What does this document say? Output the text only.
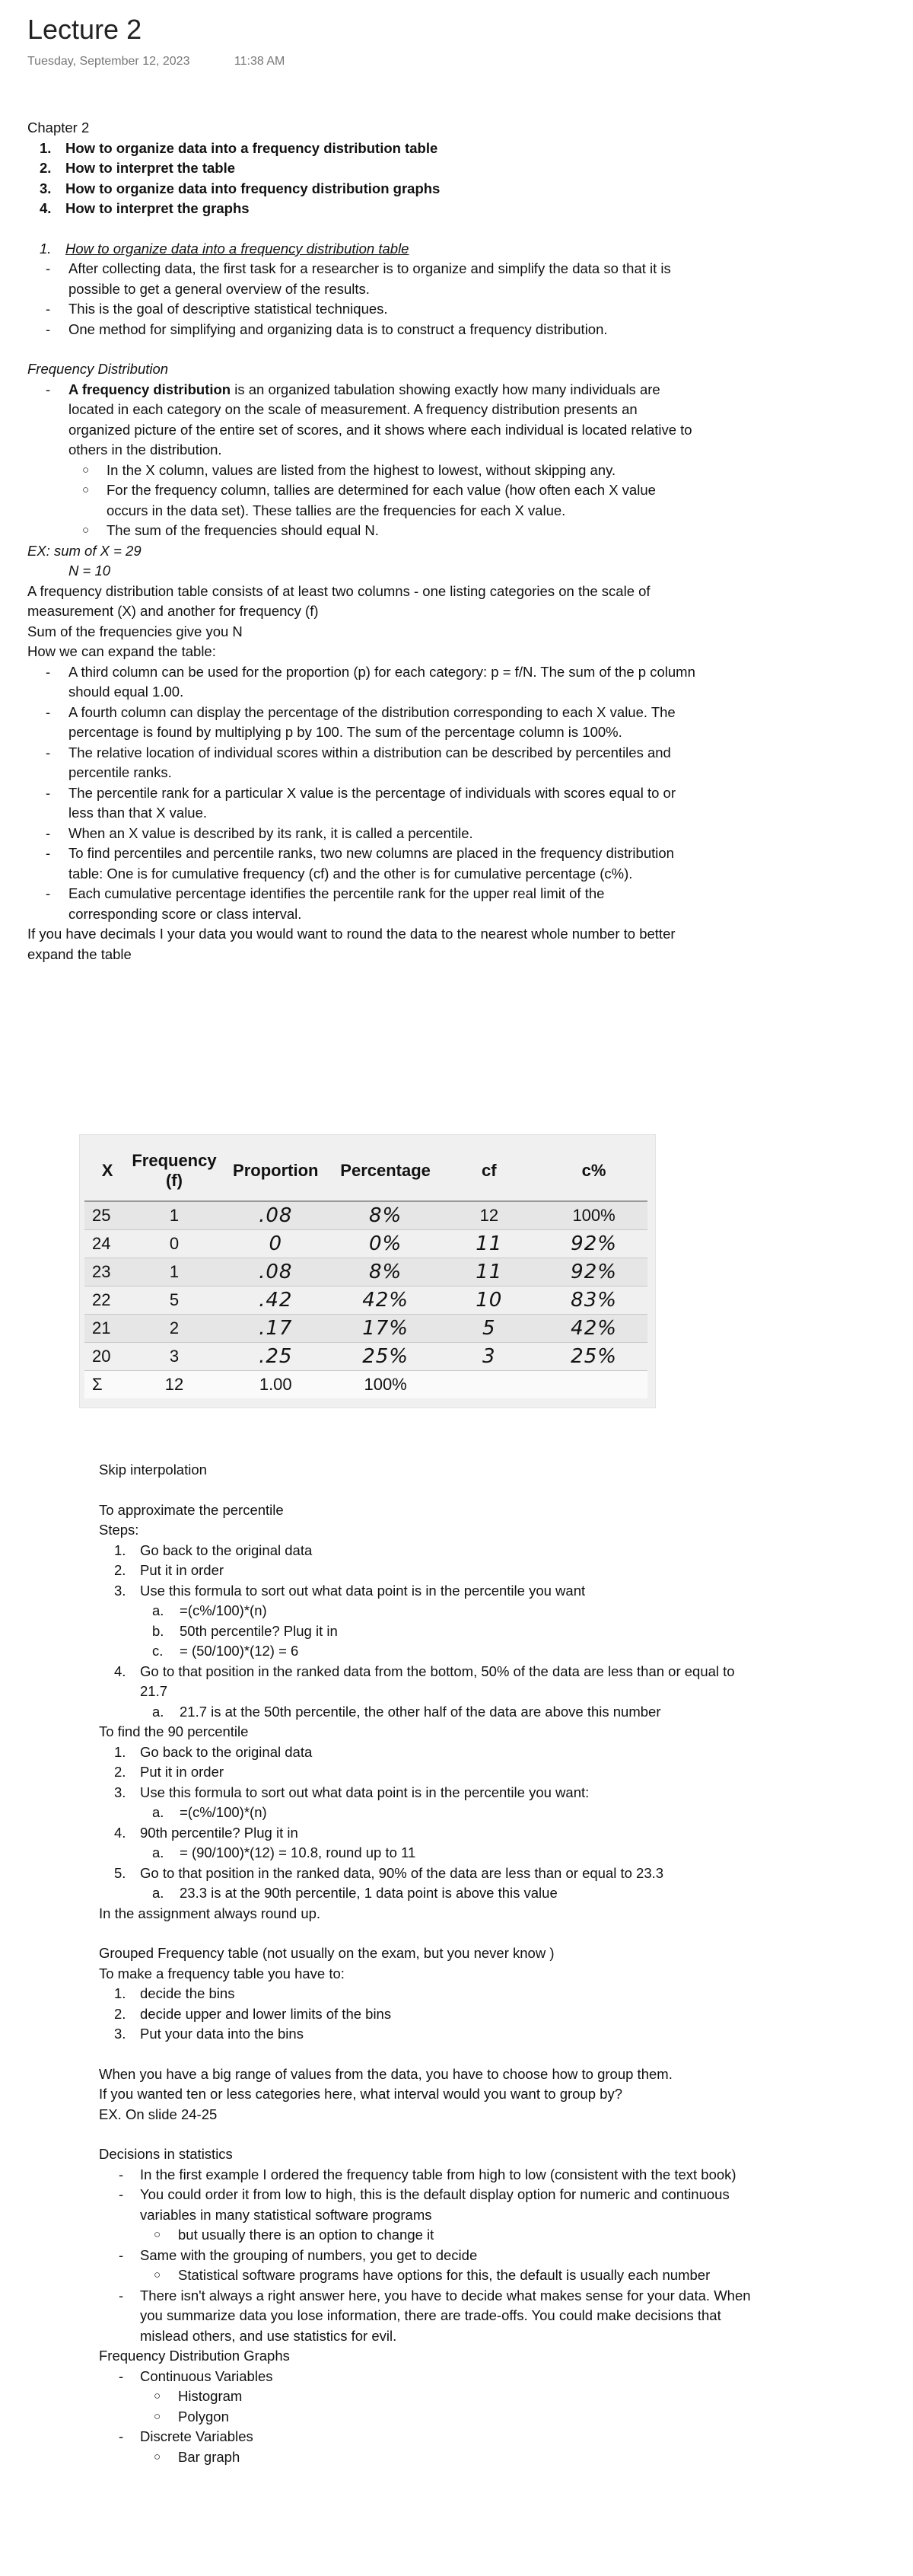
Lecture 2
Tuesday, September 12, 2023	11:38 AM

Chapter 2

1. How to organize data into a frequency distribution table
2. How to interpret the table
3. How to organize data into frequency distribution graphs
4. How to interpret the graphs
1. How to organize data into a frequency distribution table
- After collecting data, the first task for a researcher is to organize and simplify the data so that it is possible to get a general overview of the results.
- This is the goal of descriptive statistical techniques.
- One method for simplifying and organizing data is to construct a frequency distribution.

Frequency Distribution

- A frequency distribution is an organized tabulation showing exactly how many individuals are located in each category on the scale of measurement. A frequency distribution presents an organized picture of the entire set of scores, and it shows where each individual is located relative to others in the distribution.
○ In the X column, values are listed from the highest to lowest, without skipping any.
○ For the frequency column, tallies are determined for each value (how often each X value occurs in the data set). These tallies are the frequencies for each X value.
○ The sum of the frequencies should equal N.

EX: sum of X = 29

N = 10

A frequency distribution table consists of at least two columns - one listing categories on the scale of measurement (X) and another for frequency (f)

Sum of the frequencies give you N

How we can expand the table:

- A third column can be used for the proportion (p) for each category: p = f/N. The sum of the p column should equal 1.00.
- A fourth column can display the percentage of the distribution corresponding to each X value. The percentage is found by multiplying p by 100. The sum of the percentage column is 100%.
- The relative location of individual scores within a distribution can be described by percentiles and percentile ranks.
- The percentile rank for a particular X value is the percentage of individuals with scores equal to or less than that X value.
- When an X value is described by its rank, it is called a percentile.
- To find percentiles and percentile ranks, two new columns are placed in the frequency distribution table: One is for cumulative frequency (cf) and the other is for cumulative percentage (c%).
- Each cumulative percentage identifies the percentile rank for the upper real limit of the corresponding score or class interval.

If you have decimals I your data you would want to round the data to the nearest whole number to better expand the table

X	Frequency (f)	Proportion	Percentage	cf	c%
25	1	.08	8%	12	100%
24	0	0	0%	11	92%
23	1	.08	8%	11	92%
22	5	.42	42%	10	83%
21	2	.17	17%	5	42%
20	3	.25	25%	3	25%
Σ	12	1.00	100%		

Skip interpolation

To approximate the percentile

Steps:

1. Go back to the original data
2. Put it in order
3. Use this formula to sort out what data point is in the percentile you want
a. =(c%/100)*(n)
b. 50th percentile? Plug it in
c. = (50/100)*(12) = 6
4. Go to that position in the ranked data from the bottom, 50% of the data are less than or equal to 21.7
a. 21.7 is at the 50th percentile, the other half of the data are above this number

To find the 90 percentile

1. Go back to the original data
2. Put it in order
3. Use this formula to sort out what data point is in the percentile you want:
a. =(c%/100)*(n)
4. 90th percentile? Plug it in
a. = (90/100)*(12) = 10.8, round up to 11
5. Go to that position in the ranked data, 90% of the data are less than or equal to 23.3
a. 23.3 is at the 90th percentile, 1 data point is above this value

In the assignment always round up.

Grouped Frequency table (not usually on the exam, but you never know )

To make a frequency table you have to:

1. decide the bins
2. decide upper and lower limits of the bins
3. Put your data into the bins

When you have a big range of values from the data, you have to choose how to group them.

If you wanted ten or less categories here, what interval would you want to group by?

EX. On slide 24-25

Decisions in statistics

- In the first example I ordered the frequency table from high to low (consistent with the text book)
- You could order it from low to high, this is the default display option for numeric and continuous variables in many statistical software programs
○ but usually there is an option to change it
- Same with the grouping of numbers, you get to decide
○ Statistical software programs have options for this, the default is usually each number
- There isn't always a right answer here, you have to decide what makes sense for your data. When you summarize data you lose information, there are trade-offs. You could make decisions that mislead others, and use statistics for evil.

Frequency Distribution Graphs

- Continuous Variables
○ Histogram
○ Polygon
- Discrete Variables
○ Bar graph
